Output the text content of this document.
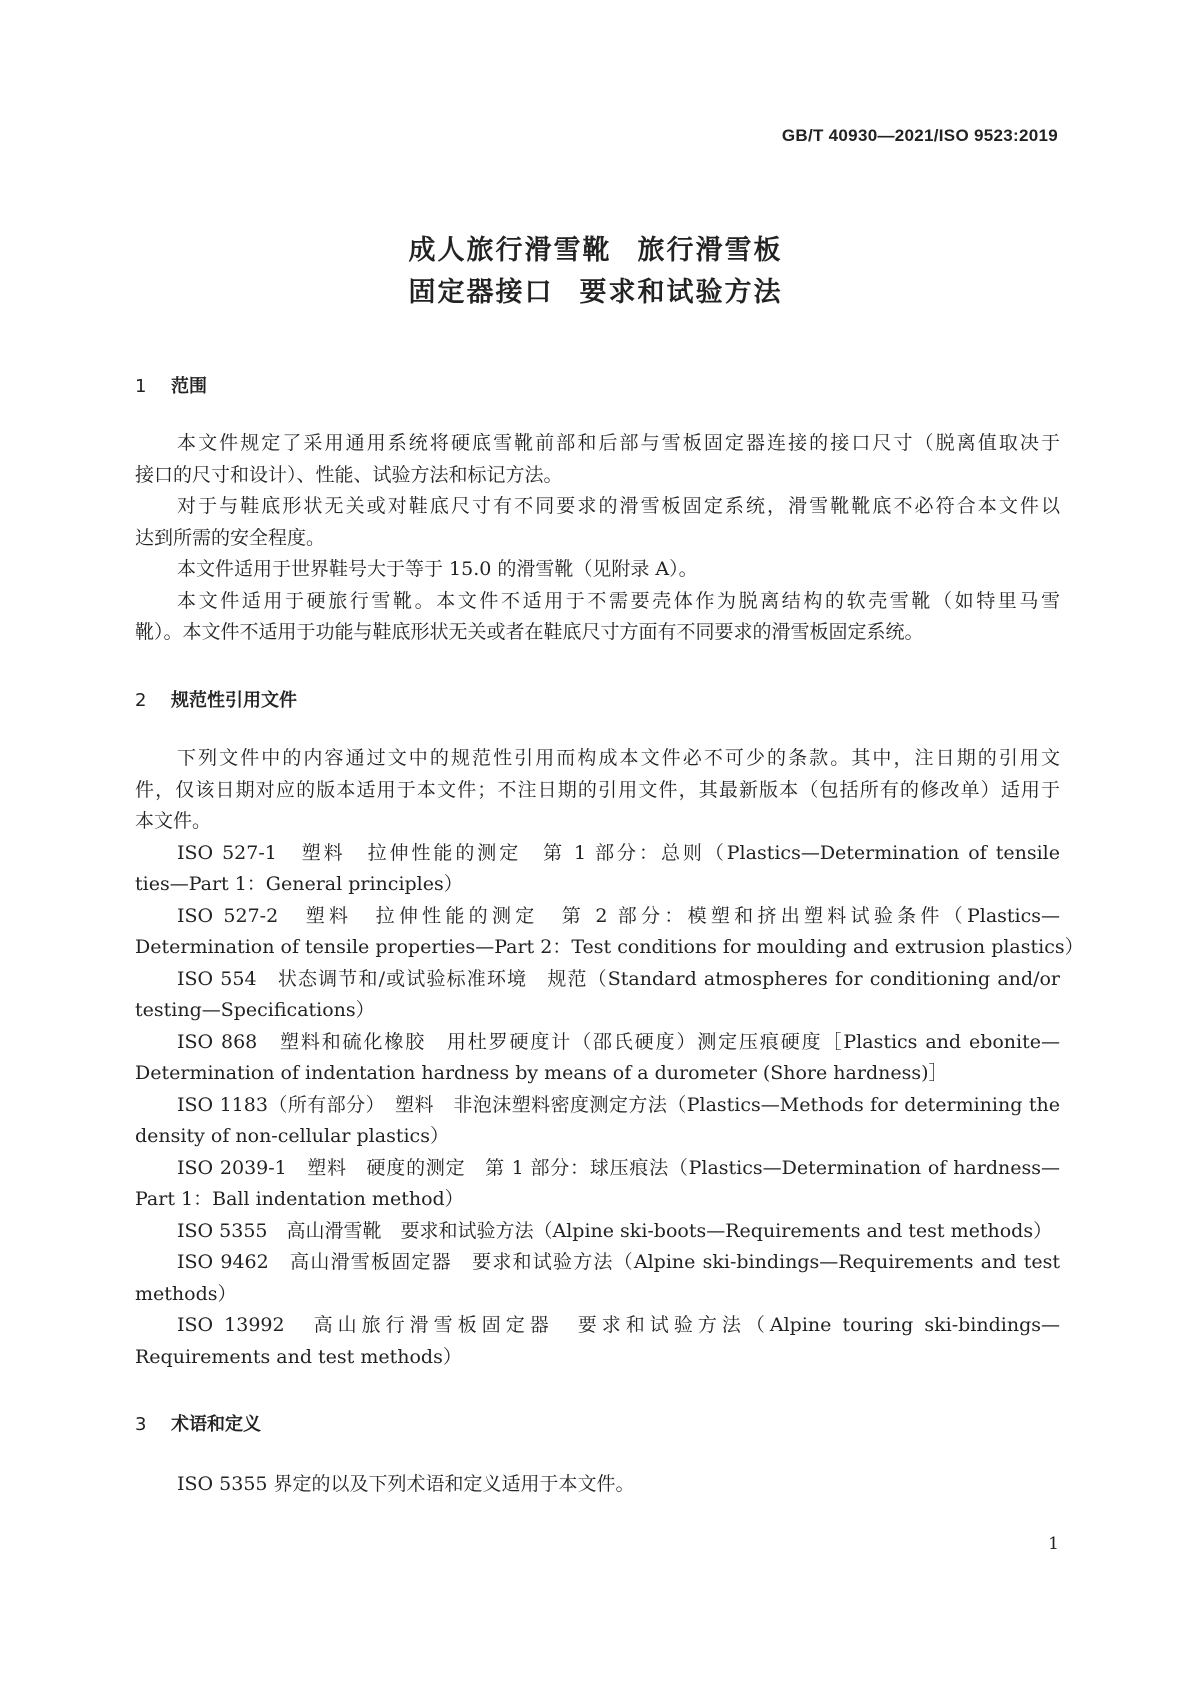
GB/T 40930—2021/ISO 9523:2019
成人旅行滑雪靴 旅行滑雪板
固定器接口 要求和试验方法
1 范围
本文件规定了采用通用系统将硬底雪靴前部和后部与雪板固定器连接的接口尺寸（脱离值取决于
接口的尺寸和设计）、性能、试验方法和标记方法。
对于与鞋底形状无关或对鞋底尺寸有不同要求的滑雪板固定系统，滑雪靴靴底不必符合本文件以
达到所需的安全程度。
本文件适用于世界鞋号大于等于 15.0 的滑雪靴（见附录 A）。
本文件适用于硬旅行雪靴。本文件不适用于不需要壳体作为脱离结构的软壳雪靴（如特里马雪
靴）。本文件不适用于功能与鞋底形状无关或者在鞋底尺寸方面有不同要求的滑雪板固定系统。
2 规范性引用文件
下列文件中的内容通过文中的规范性引用而构成本文件必不可少的条款。其中，注日期的引用文
件，仅该日期对应的版本适用于本文件；不注日期的引用文件，其最新版本（包括所有的修改单）适用于
本文件。
ISO 527-1　塑料　拉伸性能的测定　第 1 部分：总则（Plastics—Determination of tensile
ties—Part 1：General principles）
ISO 527-2　塑料　拉伸性能的测定　第 2 部分：模塑和挤出塑料试验条件（Plastics—
Determination of tensile properties—Part 2：Test conditions for moulding and extrusion plastics）
ISO 554　状态调节和/或试验标准环境　规范（Standard atmospheres for conditioning and/or
testing—Specifications）
ISO 868　塑料和硫化橡胶　用杜罗硬度计（邵氏硬度）测定压痕硬度［Plastics and ebonite—
Determination of indentation hardness by means of a durometer (Shore hardness)］
ISO 1183（所有部分）　塑料　非泡沫塑料密度测定方法（Plastics—Methods for determining the
density of non-cellular plastics）
ISO 2039-1　塑料　硬度的测定　第 1 部分：球压痕法（Plastics—Determination of hardness—
Part 1：Ball indentation method）
ISO 5355　高山滑雪靴　要求和试验方法（Alpine ski-boots—Requirements and test methods）
ISO 9462　高山滑雪板固定器　要求和试验方法（Alpine ski-bindings—Requirements and test
methods）
ISO 13992　高山旅行滑雪板固定器　要求和试验方法（Alpine touring ski-bindings—
Requirements and test methods）
3 术语和定义
ISO 5355 界定的以及下列术语和定义适用于本文件。
1
